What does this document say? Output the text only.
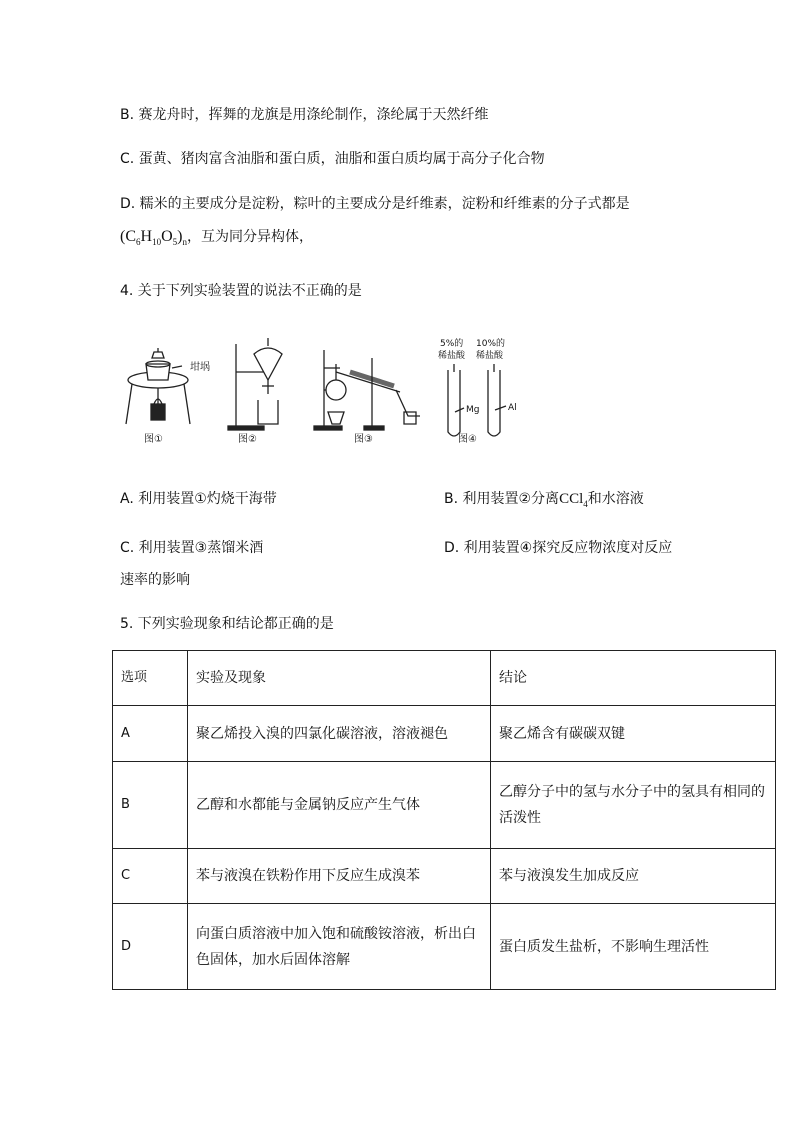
B. 赛龙舟时，挥舞的龙旗是用涤纶制作，涤纶属于天然纤维
C. 蛋黄、猪肉富含油脂和蛋白质，油脂和蛋白质均属于高分子化合物
D. 糯米的主要成分是淀粉，粽叶的主要成分是纤维素，淀粉和纤维素的分子式都是
$(C_6H_{10}O_5)_n$，互为同分异构体，
4. 关于下列实验装置的说法不正确的是
坩埚
图①	图②	图③	图④
5%的
稀盐酸
10%的
稀盐酸
Mg	Al
A. 利用装置①灼烧干海带	B. 利用装置②分离CCl$_4$和水溶液
C. 利用装置③蒸馏米酒	D. 利用装置④探究反应物浓度对反应
速率的影响
5. 下列实验现象和结论都正确的是
选项	实验及现象	结论
A	聚乙烯投入溴的四氯化碳溶液，溶液褪色	聚乙烯含有碳碳双键
B	乙醇和水都能与金属钠反应产生气体	乙醇分子中的氢与水分子中的氢具有相同的活泼性
C	苯与液溴在铁粉作用下反应生成溴苯	苯与液溴发生加成反应
D	向蛋白质溶液中加入饱和硫酸铵溶液，析出白色固体，加水后固体溶解	蛋白质发生盐析，不影响生理活性
